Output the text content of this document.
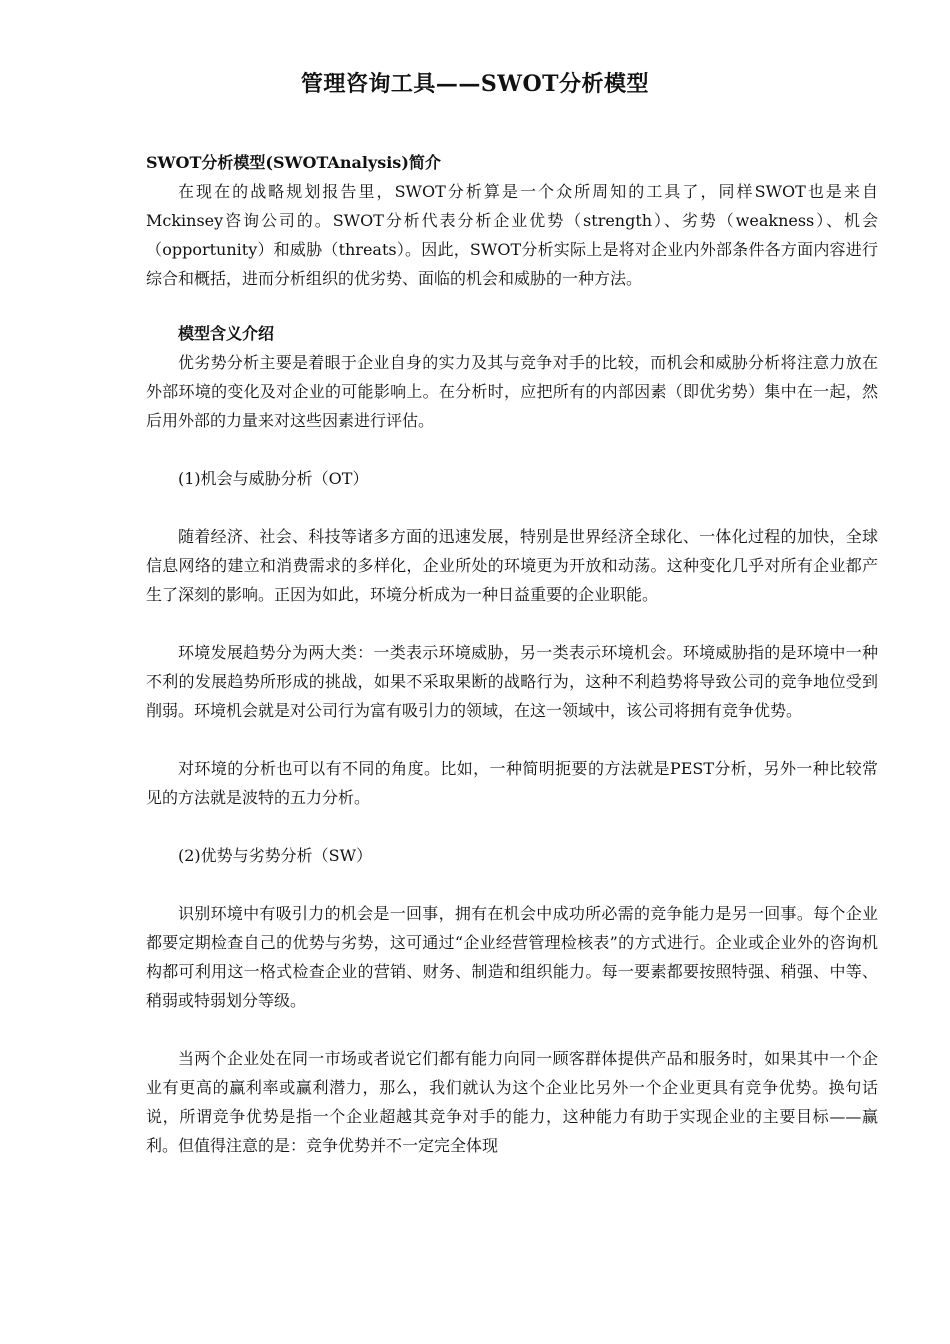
管理咨询工具——SWOT分析模型
SWOT分析模型(SWOTAnalysis)简介

在现在的战略规划报告里，SWOT分析算是一个众所周知的工具了，同样SWOT也是来自Mckinsey咨询公司的。SWOT分析代表分析企业优势（strength）、劣势（weakness）、机会（opportunity）和威胁（threats）。因此，SWOT分析实际上是将对企业内外部条件各方面内容进行综合和概括，进而分析组织的优劣势、面临的机会和威胁的一种方法。

模型含义介绍

优劣势分析主要是着眼于企业自身的实力及其与竞争对手的比较，而机会和威胁分析将注意力放在外部环境的变化及对企业的可能影响上。在分析时，应把所有的内部因素（即优劣势）集中在一起，然后用外部的力量来对这些因素进行评估。

(1)机会与威胁分析（OT）

随着经济、社会、科技等诸多方面的迅速发展，特别是世界经济全球化、一体化过程的加快，全球信息网络的建立和消费需求的多样化，企业所处的环境更为开放和动荡。这种变化几乎对所有企业都产生了深刻的影响。正因为如此，环境分析成为一种日益重要的企业职能。

环境发展趋势分为两大类：一类表示环境威胁，另一类表示环境机会。环境威胁指的是环境中一种不利的发展趋势所形成的挑战，如果不采取果断的战略行为，这种不利趋势将导致公司的竞争地位受到削弱。环境机会就是对公司行为富有吸引力的领域，在这一领域中，该公司将拥有竞争优势。

对环境的分析也可以有不同的角度。比如，一种简明扼要的方法就是PEST分析，另外一种比较常见的方法就是波特的五力分析。

(2)优势与劣势分析（SW）

识别环境中有吸引力的机会是一回事，拥有在机会中成功所必需的竞争能力是另一回事。每个企业都要定期检查自己的优势与劣势，这可通过“企业经营管理检核表”的方式进行。企业或企业外的咨询机构都可利用这一格式检查企业的营销、财务、制造和组织能力。每一要素都要按照特强、稍强、中等、稍弱或特弱划分等级。

当两个企业处在同一市场或者说它们都有能力向同一顾客群体提供产品和服务时，如果其中一个企业有更高的赢利率或赢利潜力，那么，我们就认为这个企业比另外一个企业更具有竞争优势。换句话说，所谓竞争优势是指一个企业超越其竞争对手的能力，这种能力有助于实现企业的主要目标——赢利。但值得注意的是：竞争优势并不一定完全体现
